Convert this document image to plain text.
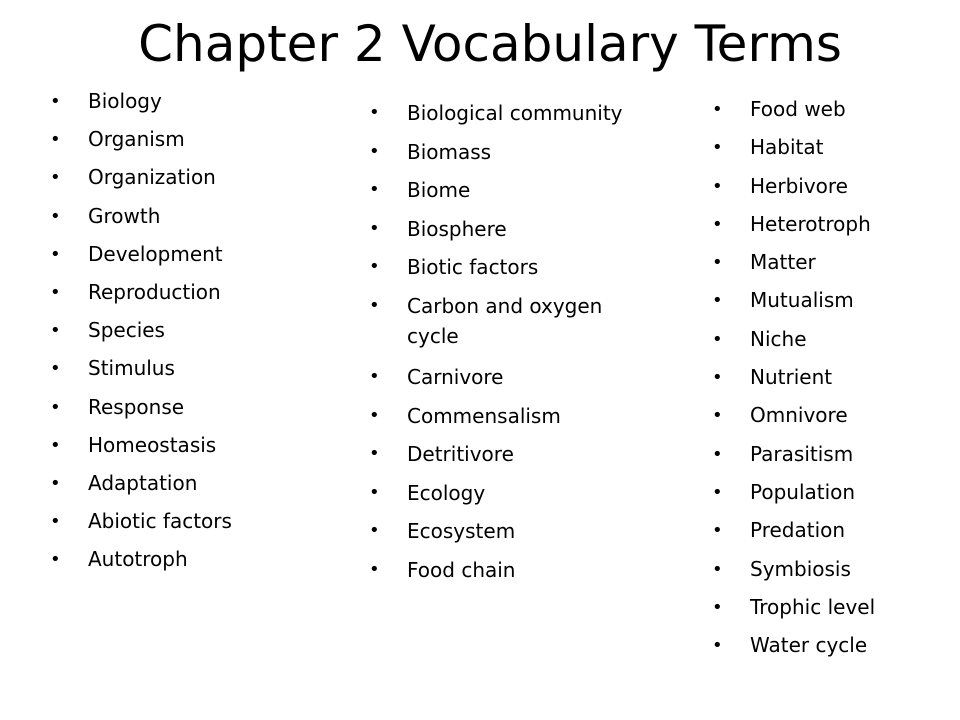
Chapter 2 Vocabulary Terms
• Biology
• Organism
• Organization
• Growth
• Development
• Reproduction
• Species
• Stimulus
• Response
• Homeostasis
• Adaptation
• Abiotic factors
• Autotroph
• Biological community
• Biomass
• Biome
• Biosphere
• Biotic factors
• Carbon and oxygen cycle
• Carnivore
• Commensalism
• Detritivore
• Ecology
• Ecosystem
• Food chain
• Food web
• Habitat
• Herbivore
• Heterotroph
• Matter
• Mutualism
• Niche
• Nutrient
• Omnivore
• Parasitism
• Population
• Predation
• Symbiosis
• Trophic level
• Water cycle
